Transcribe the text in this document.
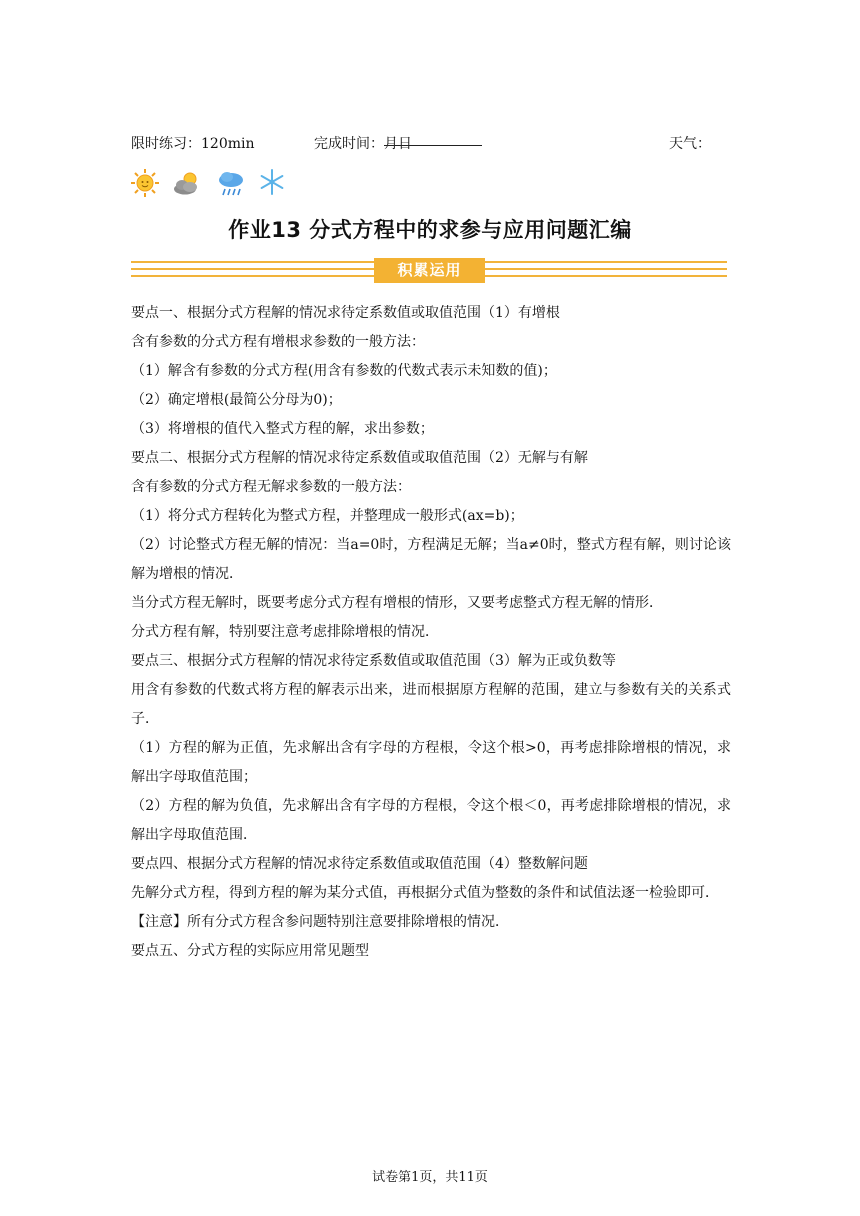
限时练习：120min	完成时间：
月
日	天气：
作业13 分式方程中的求参与应用问题汇编
积累运用

要点一、根据分式方程解的情况求待定系数值或取值范围（1）有增根

含有参数的分式方程有增根求参数的一般方法：

（1）解含有参数的分式方程(用含有参数的代数式表示未知数的值)；

（2）确定增根(最简公分母为0)；

（3）将增根的值代入整式方程的解，求出参数；

要点二、根据分式方程解的情况求待定系数值或取值范围（2）无解与有解

含有参数的分式方程无解求参数的一般方法：

（1）将分式方程转化为整式方程，并整理成一般形式(ax=b)；

（2）讨论整式方程无解的情况：当a=0时，方程满足无解；当a≠0时，整式方程有解，则讨论该解为增根的情况．

当分式方程无解时，既要考虑分式方程有增根的情形，又要考虑整式方程无解的情形．

分式方程有解，特别要注意考虑排除增根的情况．

要点三、根据分式方程解的情况求待定系数值或取值范围（3）解为正或负数等

用含有参数的代数式将方程的解表示出来，进而根据原方程解的范围，建立与参数有关的关系式子．

（1）方程的解为正值，先求解出含有字母的方程根，令这个根>0，再考虑排除增根的情况，求解出字母取值范围；

（2）方程的解为负值，先求解出含有字母的方程根，令这个根＜0，再考虑排除增根的情况，求解出字母取值范围．

要点四、根据分式方程解的情况求待定系数值或取值范围（4）整数解问题

先解分式方程，得到方程的解为某分式值，再根据分式值为整数的条件和试值法逐一检验即可．

【注意】所有分式方程含参问题特别注意要排除增根的情况．

要点五、分式方程的实际应用常见题型

试卷第1页，共11页
